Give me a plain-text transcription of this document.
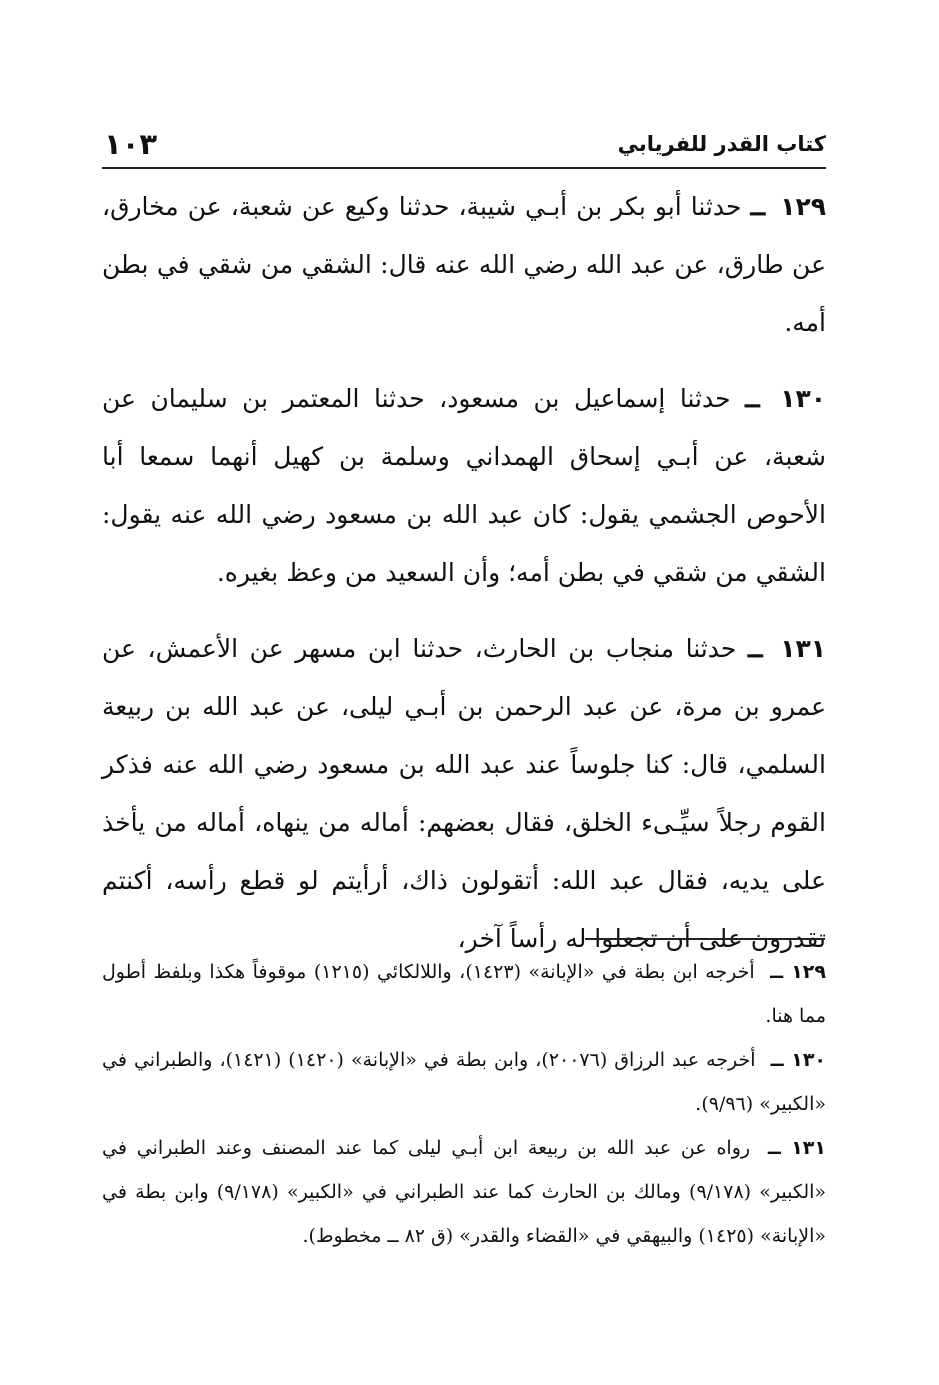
١٠٣	كتاب القدر للفريابي

١٢٩ ــ حدثنا أبو بكر بن أبـي شيبة، حدثنا وكيع عن شعبة، عن مخارق، عن طارق، عن عبد الله رضي الله عنه قال: الشقي من شقي في بطن أمه.

١٣٠ ــ حدثنا إسماعيل بن مسعود، حدثنا المعتمر بن سليمان عن شعبة، عن أبـي إسحاق الهمداني وسلمة بن كهيل أنهما سمعا أبا الأحوص الجشمي يقول: كان عبد الله بن مسعود رضي الله عنه يقول: الشقي من شقي في بطن أمه؛ وأن السعيد من وعظ بغيره.

١٣١ ــ حدثنا منجاب بن الحارث، حدثنا ابن مسهر عن الأعمش، عن عمرو بن مرة، عن عبد الرحمن بن أبـي ليلى، عن عبد الله بن ربيعة السلمي، قال: كنا جلوساً عند عبد الله بن مسعود رضي الله عنه فذكر القوم رجلاً سيِّـىء الخلق، فقال بعضهم: أماله من ينهاه، أماله من يأخذ على يديه، فقال عبد الله: أتقولون ذاك، أرأيتم لو قطع رأسه، أكنتم تقدرون على أن تجعلوا له رأساً آخر،

١٢٩ ــ أخرجه ابن بطة في «الإبانة» (١٤٢٣)، واللالكائي (١٢١٥) موقوفاً هكذا وبلفظ أطول مما هنا.

١٣٠ ــ أخرجه عبد الرزاق (٢٠٠٧٦)، وابن بطة في «الإبانة» (١٤٢٠) (١٤٢١)، والطبراني في «الكبير» (٩/٩٦).

١٣١ ــ رواه عن عبد الله بن ربيعة ابن أبـي ليلى كما عند المصنف وعند الطبراني في «الكبير» (٩/١٧٨) ومالك بن الحارث كما عند الطبراني في «الكبير» (٩/١٧٨) وابن بطة في «الإبانة» (١٤٢٥) والبيهقي في «القضاء والقدر» (ق ٨٢ ــ مخطوط).
